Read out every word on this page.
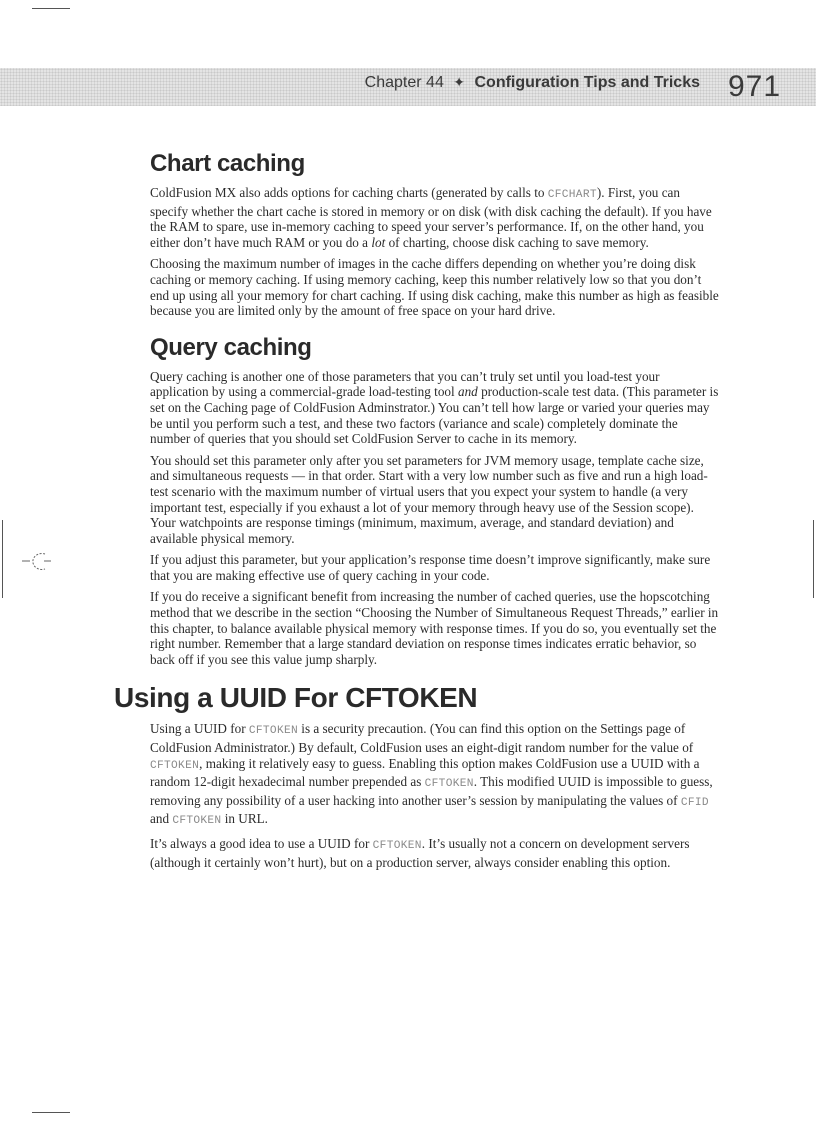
Chapter 44 ✦ Configuration Tips and Tricks 971
Chart caching

ColdFusion MX also adds options for caching charts (generated by calls to CFCHART). First, you can specify whether the chart cache is stored in memory or on disk (with disk caching the default). If you have the RAM to spare, use in-memory caching to speed your server’s performance. If, on the other hand, you either don’t have much RAM or you do a lot of charting, choose disk caching to save memory.

Choosing the maximum number of images in the cache differs depending on whether you’re doing disk caching or memory caching. If using memory caching, keep this number relatively low so that you don’t end up using all your memory for chart caching. If using disk caching, make this number as high as feasible because you are limited only by the amount of free space on your hard drive.

Query caching

Query caching is another one of those parameters that you can’t truly set until you load-test your application by using a commercial-grade load-testing tool and production-scale test data. (This parameter is set on the Caching page of ColdFusion Adminstrator.) You can’t tell how large or varied your queries may be until you perform such a test, and these two factors (variance and scale) completely dominate the number of queries that you should set ColdFusion Server to cache in its memory.

You should set this parameter only after you set parameters for JVM memory usage, template cache size, and simultaneous requests — in that order. Start with a very low number such as five and run a high load-test scenario with the maximum number of virtual users that you expect your system to handle (a very important test, especially if you exhaust a lot of your memory through heavy use of the Session scope). Your watchpoints are response timings (minimum, maximum, average, and standard deviation) and available physical memory.

If you adjust this parameter, but your application’s response time doesn’t improve significantly, make sure that you are making effective use of query caching in your code.

If you do receive a significant benefit from increasing the number of cached queries, use the hopscotching method that we describe in the section “Choosing the Number of Simultaneous Request Threads,” earlier in this chapter, to balance available physical memory with response times. If you do so, you eventually set the right number. Remember that a large standard deviation on response times indicates erratic behavior, so back off if you see this value jump sharply.

Using a UUID For CFTOKEN

Using a UUID for CFTOKEN is a security precaution. (You can find this option on the Settings page of ColdFusion Administrator.) By default, ColdFusion uses an eight-digit random number for the value of CFTOKEN, making it relatively easy to guess. Enabling this option makes ColdFusion use a UUID with a random 12-digit hexadecimal number prepended as CFTOKEN. This modified UUID is impossible to guess, removing any possibility of a user hacking into another user’s session by manipulating the values of CFID and CFTOKEN in URL.

It’s always a good idea to use a UUID for CFTOKEN. It’s usually not a concern on development servers (although it certainly won’t hurt), but on a production server, always consider enabling this option.
